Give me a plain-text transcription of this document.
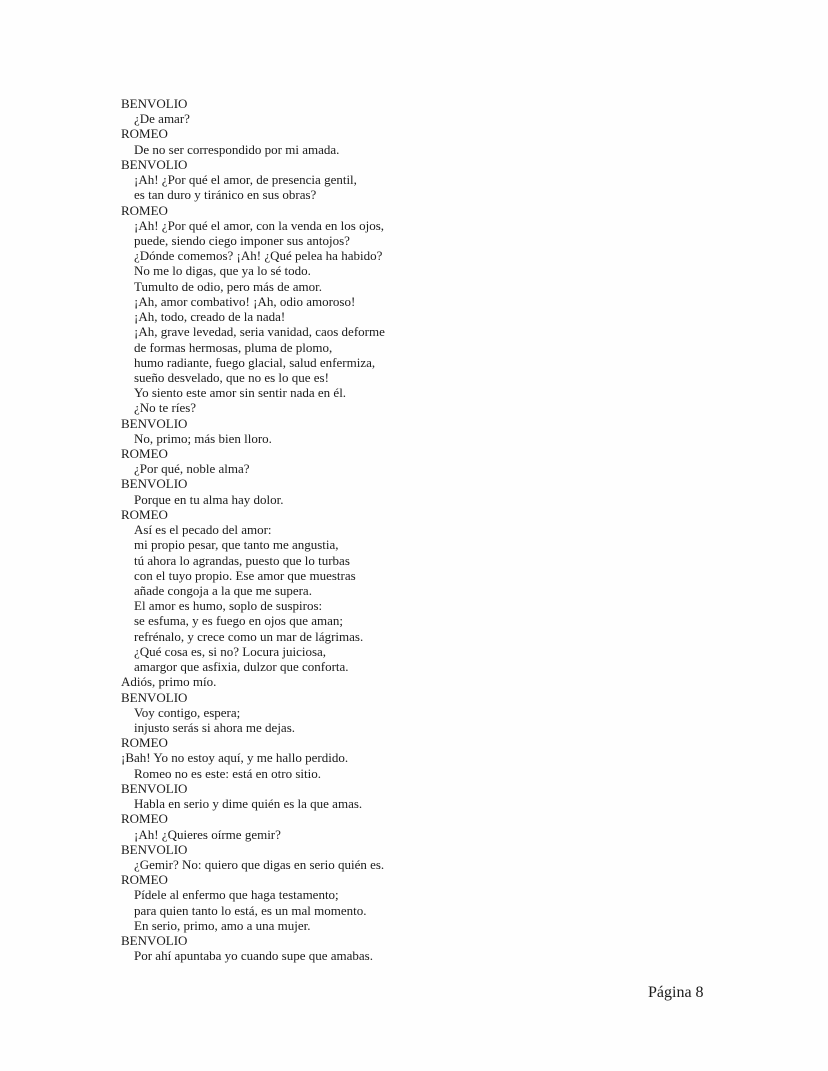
BENVOLIO
¿De amar?
ROMEO
De no ser correspondido por mi amada.
BENVOLIO
¡Ah! ¿Por qué el amor, de presencia gentil,
es tan duro y tiránico en sus obras?
ROMEO
¡Ah! ¿Por qué el amor, con la venda en los ojos,
puede, siendo ciego imponer sus antojos?
¿Dónde comemos? ¡Ah! ¿Qué pelea ha habido?
No me lo digas, que ya lo sé todo.
Tumulto de odio, pero más de amor.
¡Ah, amor combativo! ¡Ah, odio amoroso!
¡Ah, todo, creado de la nada!
¡Ah, grave levedad, seria vanidad, caos deforme
de formas hermosas, pluma de plomo,
humo radiante, fuego glacial, salud enfermiza,
sueño desvelado, que no es lo que es!
Yo siento este amor sin sentir nada en él.
¿No te ríes?
BENVOLIO
No, primo; más bien lloro.
ROMEO
¿Por qué, noble alma?
BENVOLIO
Porque en tu alma hay dolor.
ROMEO
Así es el pecado del amor:
mi propio pesar, que tanto me angustia,
tú ahora lo agrandas, puesto que lo turbas
con el tuyo propio. Ese amor que muestras
añade congoja a la que me supera.
El amor es humo, soplo de suspiros:
se esfuma, y es fuego en ojos que aman;
refrénalo, y crece como un mar de lágrimas.
¿Qué cosa es, si no? Locura juiciosa,
amargor que asfixia, dulzor que conforta.
Adiós, primo mío.
BENVOLIO
Voy contigo, espera;
injusto serás si ahora me dejas.
ROMEO
¡Bah! Yo no estoy aquí, y me hallo perdido.
Romeo no es este: está en otro sitio.
BENVOLIO
Habla en serio y dime quién es la que amas.
ROMEO
¡Ah! ¿Quieres oírme gemir?
BENVOLIO
¿Gemir? No: quiero que digas en serio quién es.
ROMEO
Pídele al enfermo que haga testamento;
para quien tanto lo está, es un mal momento.
En serio, primo, amo a una mujer.
BENVOLIO
Por ahí apuntaba yo cuando supe que amabas.
Página 8
